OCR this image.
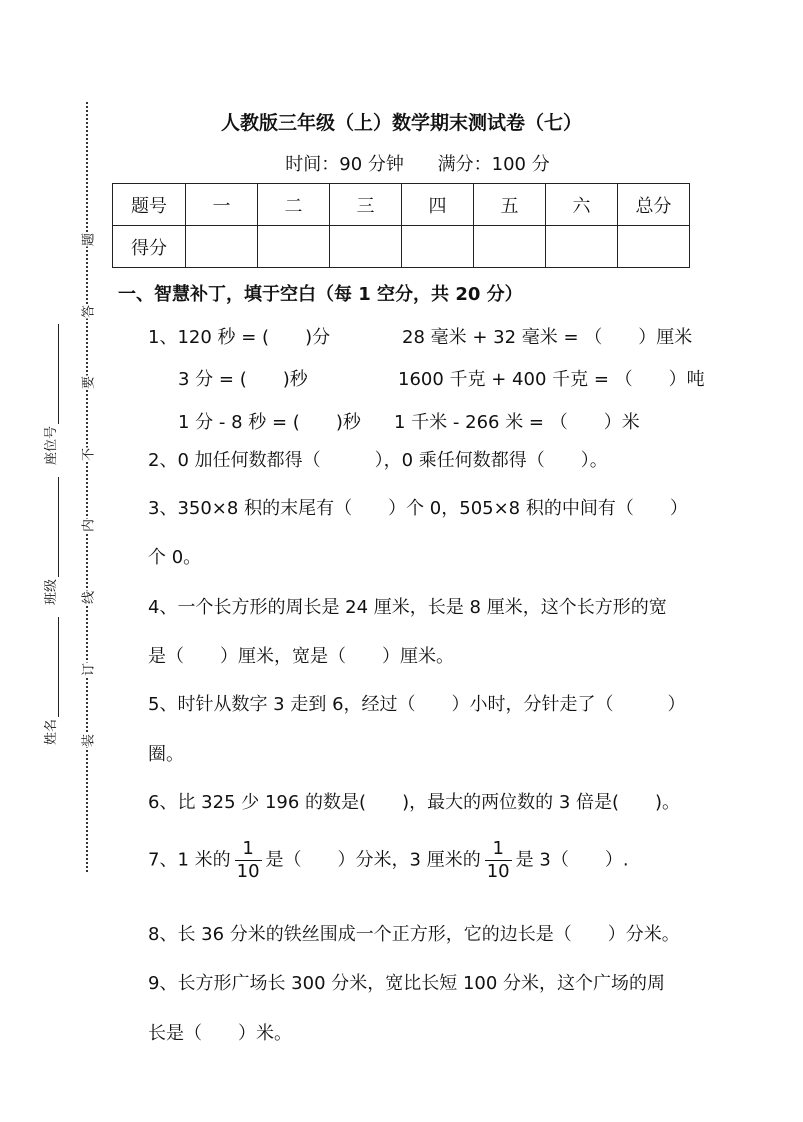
题
答
要
不
内
线
订
装
座位号
班级
姓名
人教版三年级（上）数学期末测试卷（七）
时间：90 分钟 满分：100 分
题号	一	二	三	四	五	六	总分
得分							
一、智慧补丁，填于空白（每 1 空分，共 20 分）
1、120 秒 = (　　)分	28 毫米 + 32 毫米 = （　　）厘米
3 分 = (　　)秒	1600 千克 + 400 千克 = （　　）吨
1 分 - 8 秒 = (　　)秒 1 千米 - 266 米 = （　　）米
2、0 加任何数都得（　　　），0 乘任何数都得（　　）。
3、350×8 积的末尾有（　　）个 0，505×8 积的中间有（　　）
个 0。
4、一个长方形的周长是 24 厘米，长是 8 厘米，这个长方形的宽
是（　　）厘米，宽是（　　）厘米。
5、时针从数字 3 走到 6，经过（　　）小时，分针走了（　　　）
圈。
6、比 325 少 196 的数是(　　)，最大的两位数的 3 倍是(　　)。
7、1 米的 $\frac{1}{10}$ 是（　　）分米，3 厘米的 $\frac{1}{10}$ 是 3（　　）.
8、长 36 分米的铁丝围成一个正方形，它的边长是（　　）分米。
9、长方形广场长 300 分米，宽比长短 100 分米，这个广场的周
长是（　　）米。
